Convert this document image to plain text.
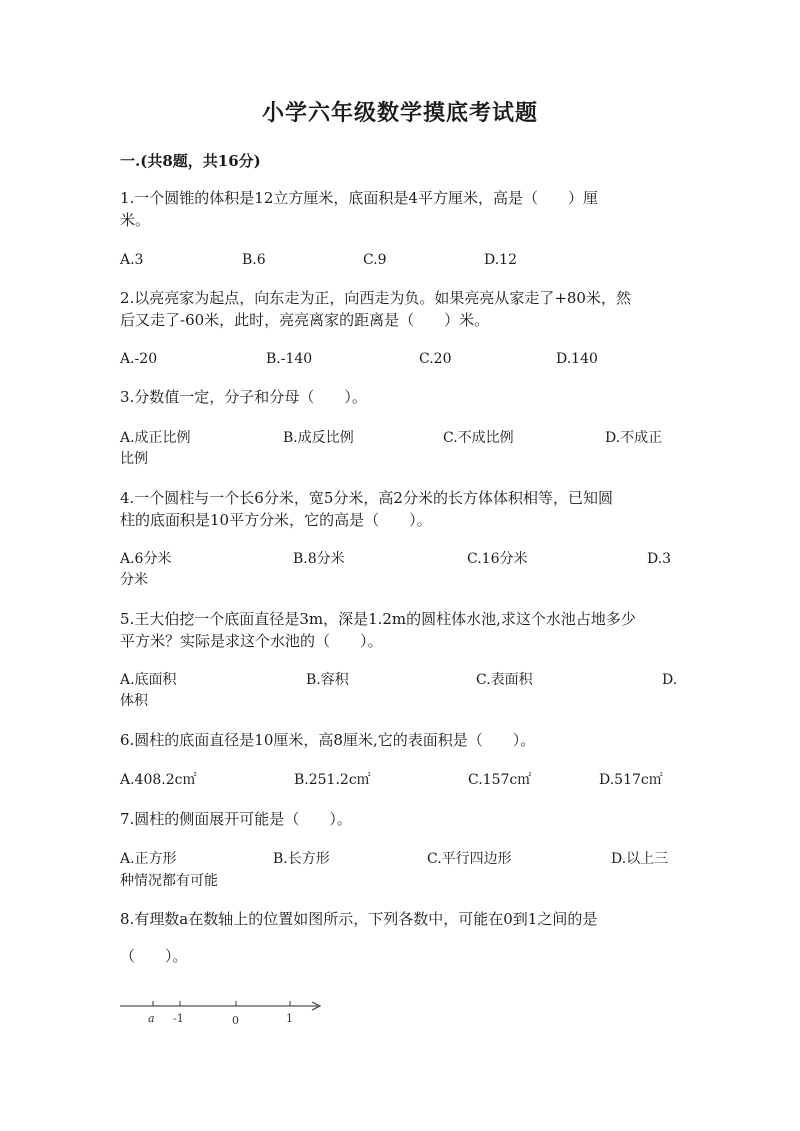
小学六年级数学摸底考试题
一.(共8题，共16分)
1.一个圆锥的体积是12立方厘米，底面积是4平方厘米，高是（　　）厘
米。
A.3	B.6	C.9	D.12
2.以亮亮家为起点，向东走为正，向西走为负。如果亮亮从家走了+80米，然
后又走了-60米，此时，亮亮离家的距离是（　　）米。
A.-20	B.-140	C.20	D.140
3.分数值一定，分子和分母（　　）。
A.成正比例	B.成反比例	C.不成比例	D.不成正
比例
4.一个圆柱与一个长6分米，宽5分米，高2分米的长方体体积相等，已知圆
柱的底面积是10平方分米，它的高是（　　）。
A.6分米	B.8分米	C.16分米	D.3
分米
5.王大伯挖一个底面直径是3m，深是1.2m的圆柱体水池,求这个水池占地多少
平方米？实际是求这个水池的（　　）。
A.底面积	B.容积	C.表面积	D.
体积
6.圆柱的底面直径是10厘米，高8厘米,它的表面积是（　　）。
A.408.2c㎡	B.251.2c㎡	C.157c㎡	D.517c㎡
7.圆柱的侧面展开可能是（　　）。
A.正方形	B.长方形	C.平行四边形	D.以上三
种情况都有可能
8.有理数a在数轴上的位置如图所示，下列各数中，可能在0到1之间的是
（　　）。
a -1	0	1
